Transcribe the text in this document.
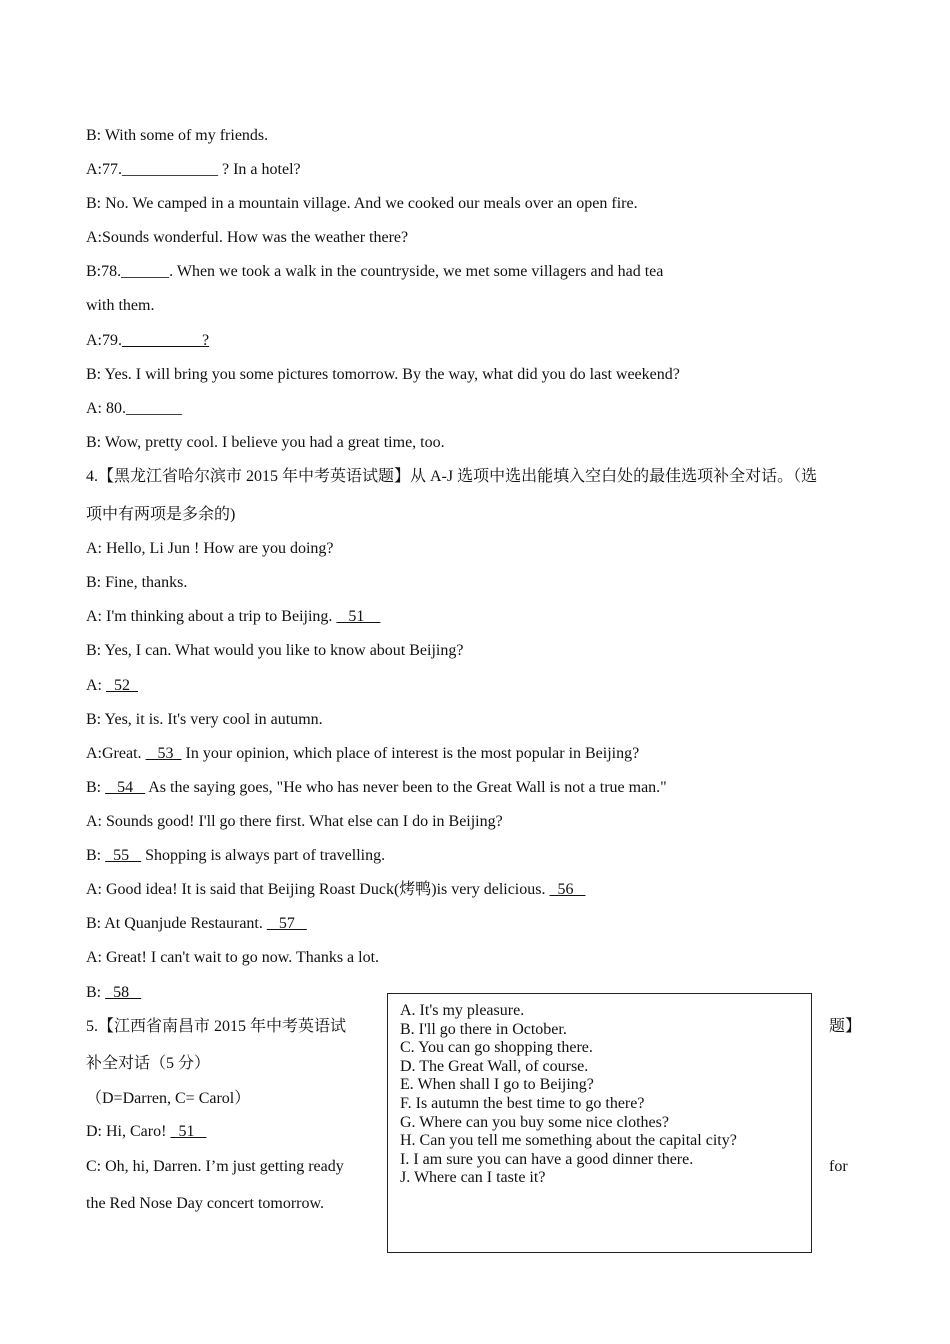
B: With some of my friends.
A:77.____________ ? In a hotel?
B: No. We camped in a mountain village. And we cooked our meals over an open fire.
A:Sounds wonderful. How was the weather there?
B:78.______. When we took a walk in the countryside, we met some villagers and had tea
with them.
A:79.__________?
B: Yes. I will bring you some pictures tomorrow. By the way, what did you do last weekend?
A: 80._______
B: Wow, pretty cool. I believe you had a great time, too.
4.【黑龙江省哈尔滨市 2015 年中考英语试题】从 A-J 选项中选出能填入空白处的最佳选项补全对话。（选
项中有两项是多余的)
A: Hello, Li Jun ! How are you doing?
B: Fine, thanks.
A: I'm thinking about a trip to Beijing.    51
B: Yes, I can. What would you like to know about Beijing?
A:   52
B: Yes, it is. It's very cool in autumn.
A:Great.    53   In your opinion, which place of interest is the most popular in Beijing?
B:    54    As the saying goes, "He who has never been to the Great Wall is not a true man."
A: Sounds good! I'll go there first. What else can I do in Beijing?
B:   55    Shopping is always part of travelling.
A: Good idea! It is said that Beijing Roast Duck(烤鸭)is very delicious.   56
B: At Quanjude Restaurant.    57
A: Great! I can't wait to go now. Thanks a lot.
B:   58
5.【江西省南昌市 2015 年中考英语试
补全对话（5 分）
（D=Darren, C= Carol）
D: Hi, Caro!   51
C: Oh, hi, Darren. I’m just getting ready
the Red Nose Day concert tomorrow.
题】
for
A. It's my pleasure.
B. I'll go there in October.
C. You can go shopping there.
D. The Great Wall, of course.
E. When shall I go to Beijing?
F. Is autumn the best time to go there?
G. Where can you buy some nice clothes?
H. Can you tell me something about the capital city?
I. I am sure you can have a good dinner there.
J. Where can I taste it?
